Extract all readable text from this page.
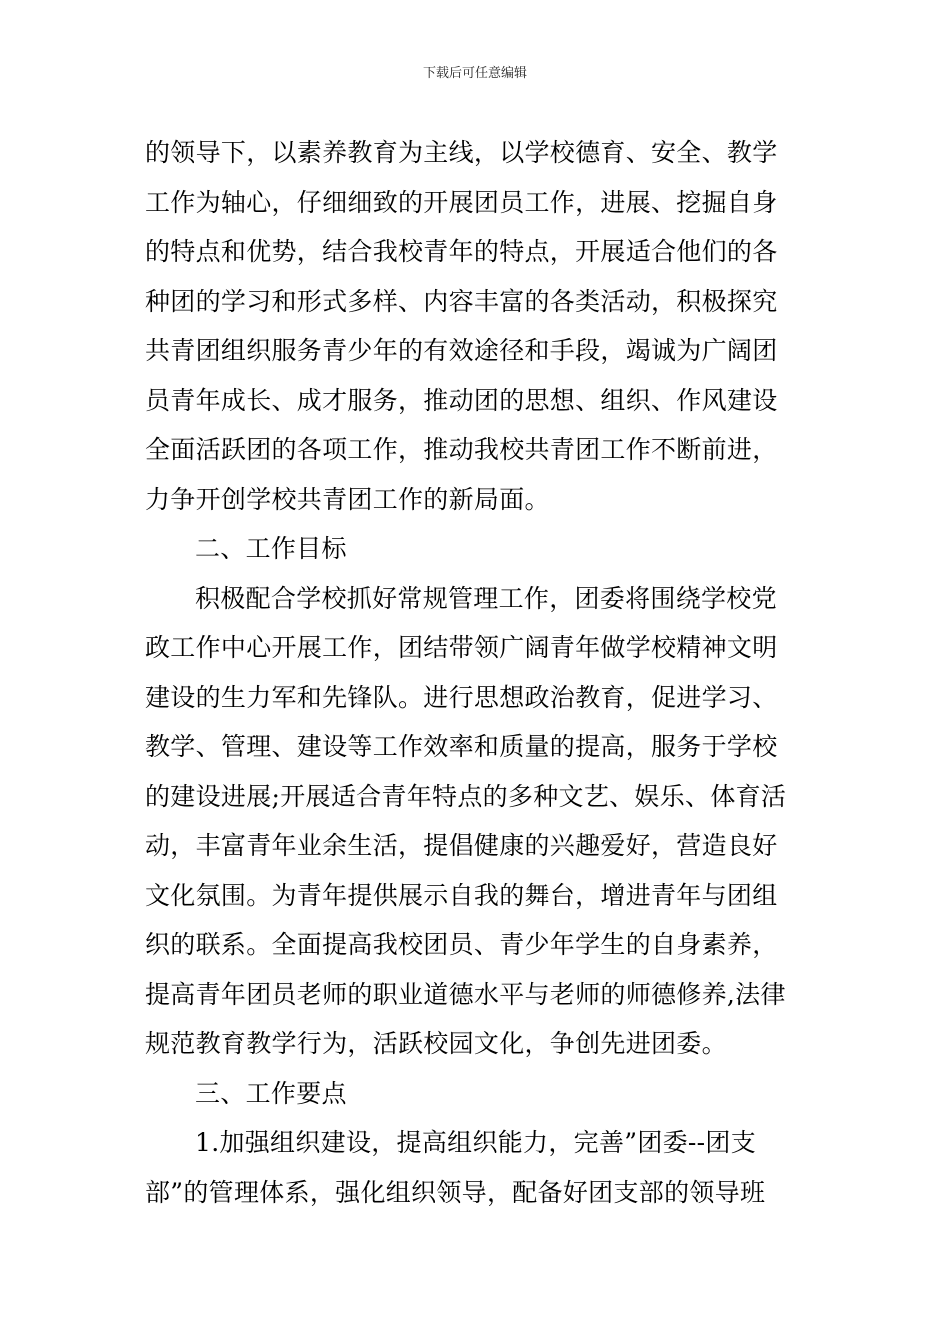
下载后可任意编辑
的领导下，以素养教育为主线，以学校德育、安全、教学
工作为轴心，仔细细致的开展团员工作，进展、挖掘自身
的特点和优势，结合我校青年的特点，开展适合他们的各
种团的学习和形式多样、内容丰富的各类活动，积极探究
共青团组织服务青少年的有效途径和手段，竭诚为广阔团
员青年成长、成才服务，推动团的思想、组织、作风建设
全面活跃团的各项工作，推动我校共青团工作不断前进，
力争开创学校共青团工作的新局面。
二、工作目标
积极配合学校抓好常规管理工作，团委将围绕学校党
政工作中心开展工作，团结带领广阔青年做学校精神文明
建设的生力军和先锋队。进行思想政治教育，促进学习、
教学、管理、建设等工作效率和质量的提高，服务于学校
的建设进展;开展适合青年特点的多种文艺、娱乐、体育活
动，丰富青年业余生活，提倡健康的兴趣爱好，营造良好
文化氛围。为青年提供展示自我的舞台，增进青年与团组
织的联系。全面提高我校团员、青少年学生的自身素养，
提高青年团员老师的职业道德水平与老师的师德修养,法律
规范教育教学行为，活跃校园文化，争创先进团委。
三、工作要点
1.加强组织建设，提高组织能力，完善”团委--团支
部”的管理体系，强化组织领导，配备好团支部的领导班
